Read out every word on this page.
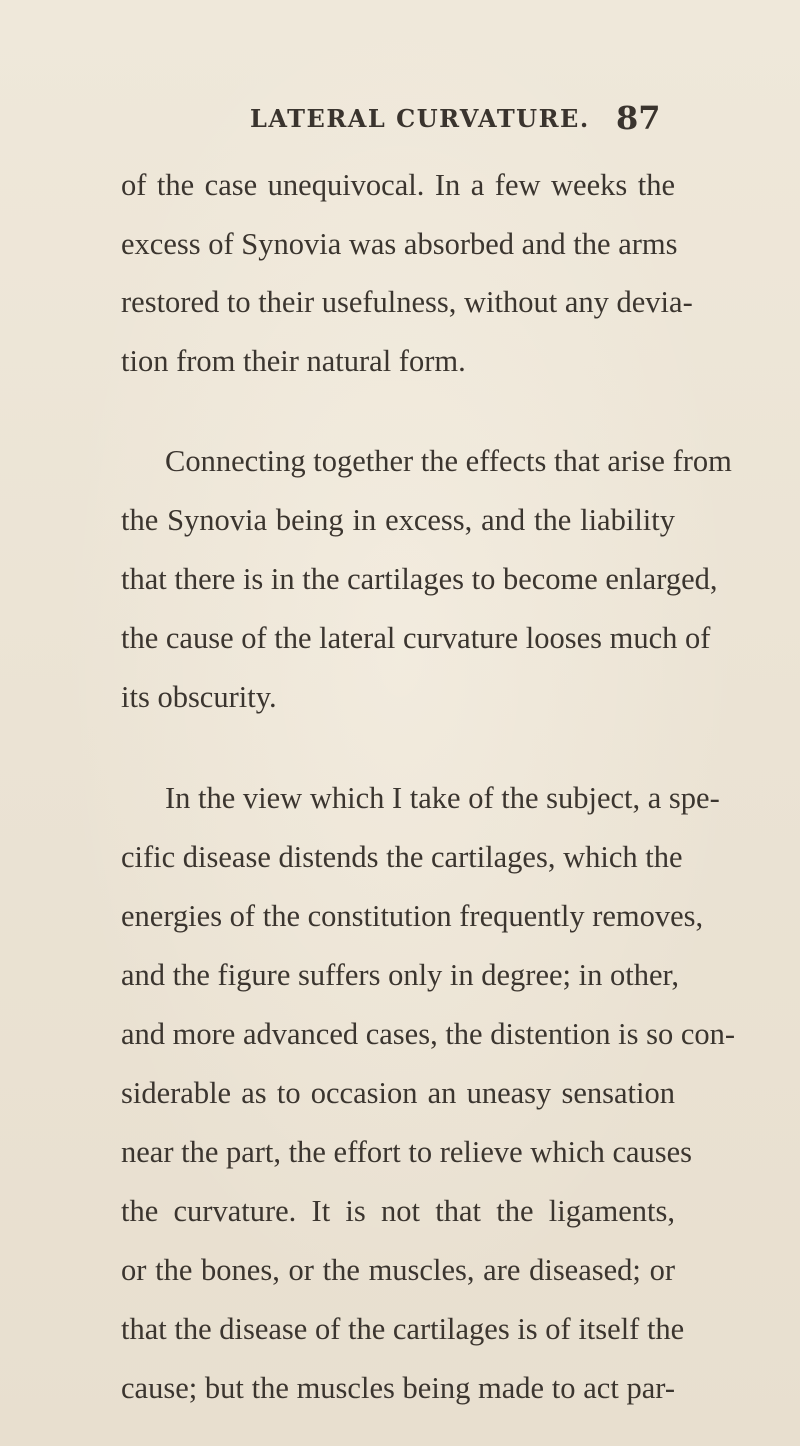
LATERAL CURVATURE. 87
of the case unequivocal. In a few weeks the
excess of Synovia was absorbed and the arms
restored to their usefulness, without any devia-
tion from their natural form.
Connecting together the effects that arise from
the Synovia being in excess, and the liability
that there is in the cartilages to become enlarged,
the cause of the lateral curvature looses much of
its obscurity.
In the view which I take of the subject, a spe-
cific disease distends the cartilages, which the
energies of the constitution frequently removes,
and the figure suffers only in degree; in other,
and more advanced cases, the distention is so con-
siderable as to occasion an uneasy sensation
near the part, the effort to relieve which causes
the curvature. It is not that the ligaments,
or the bones, or the muscles, are diseased; or
that the disease of the cartilages is of itself the
cause; but the muscles being made to act par-
